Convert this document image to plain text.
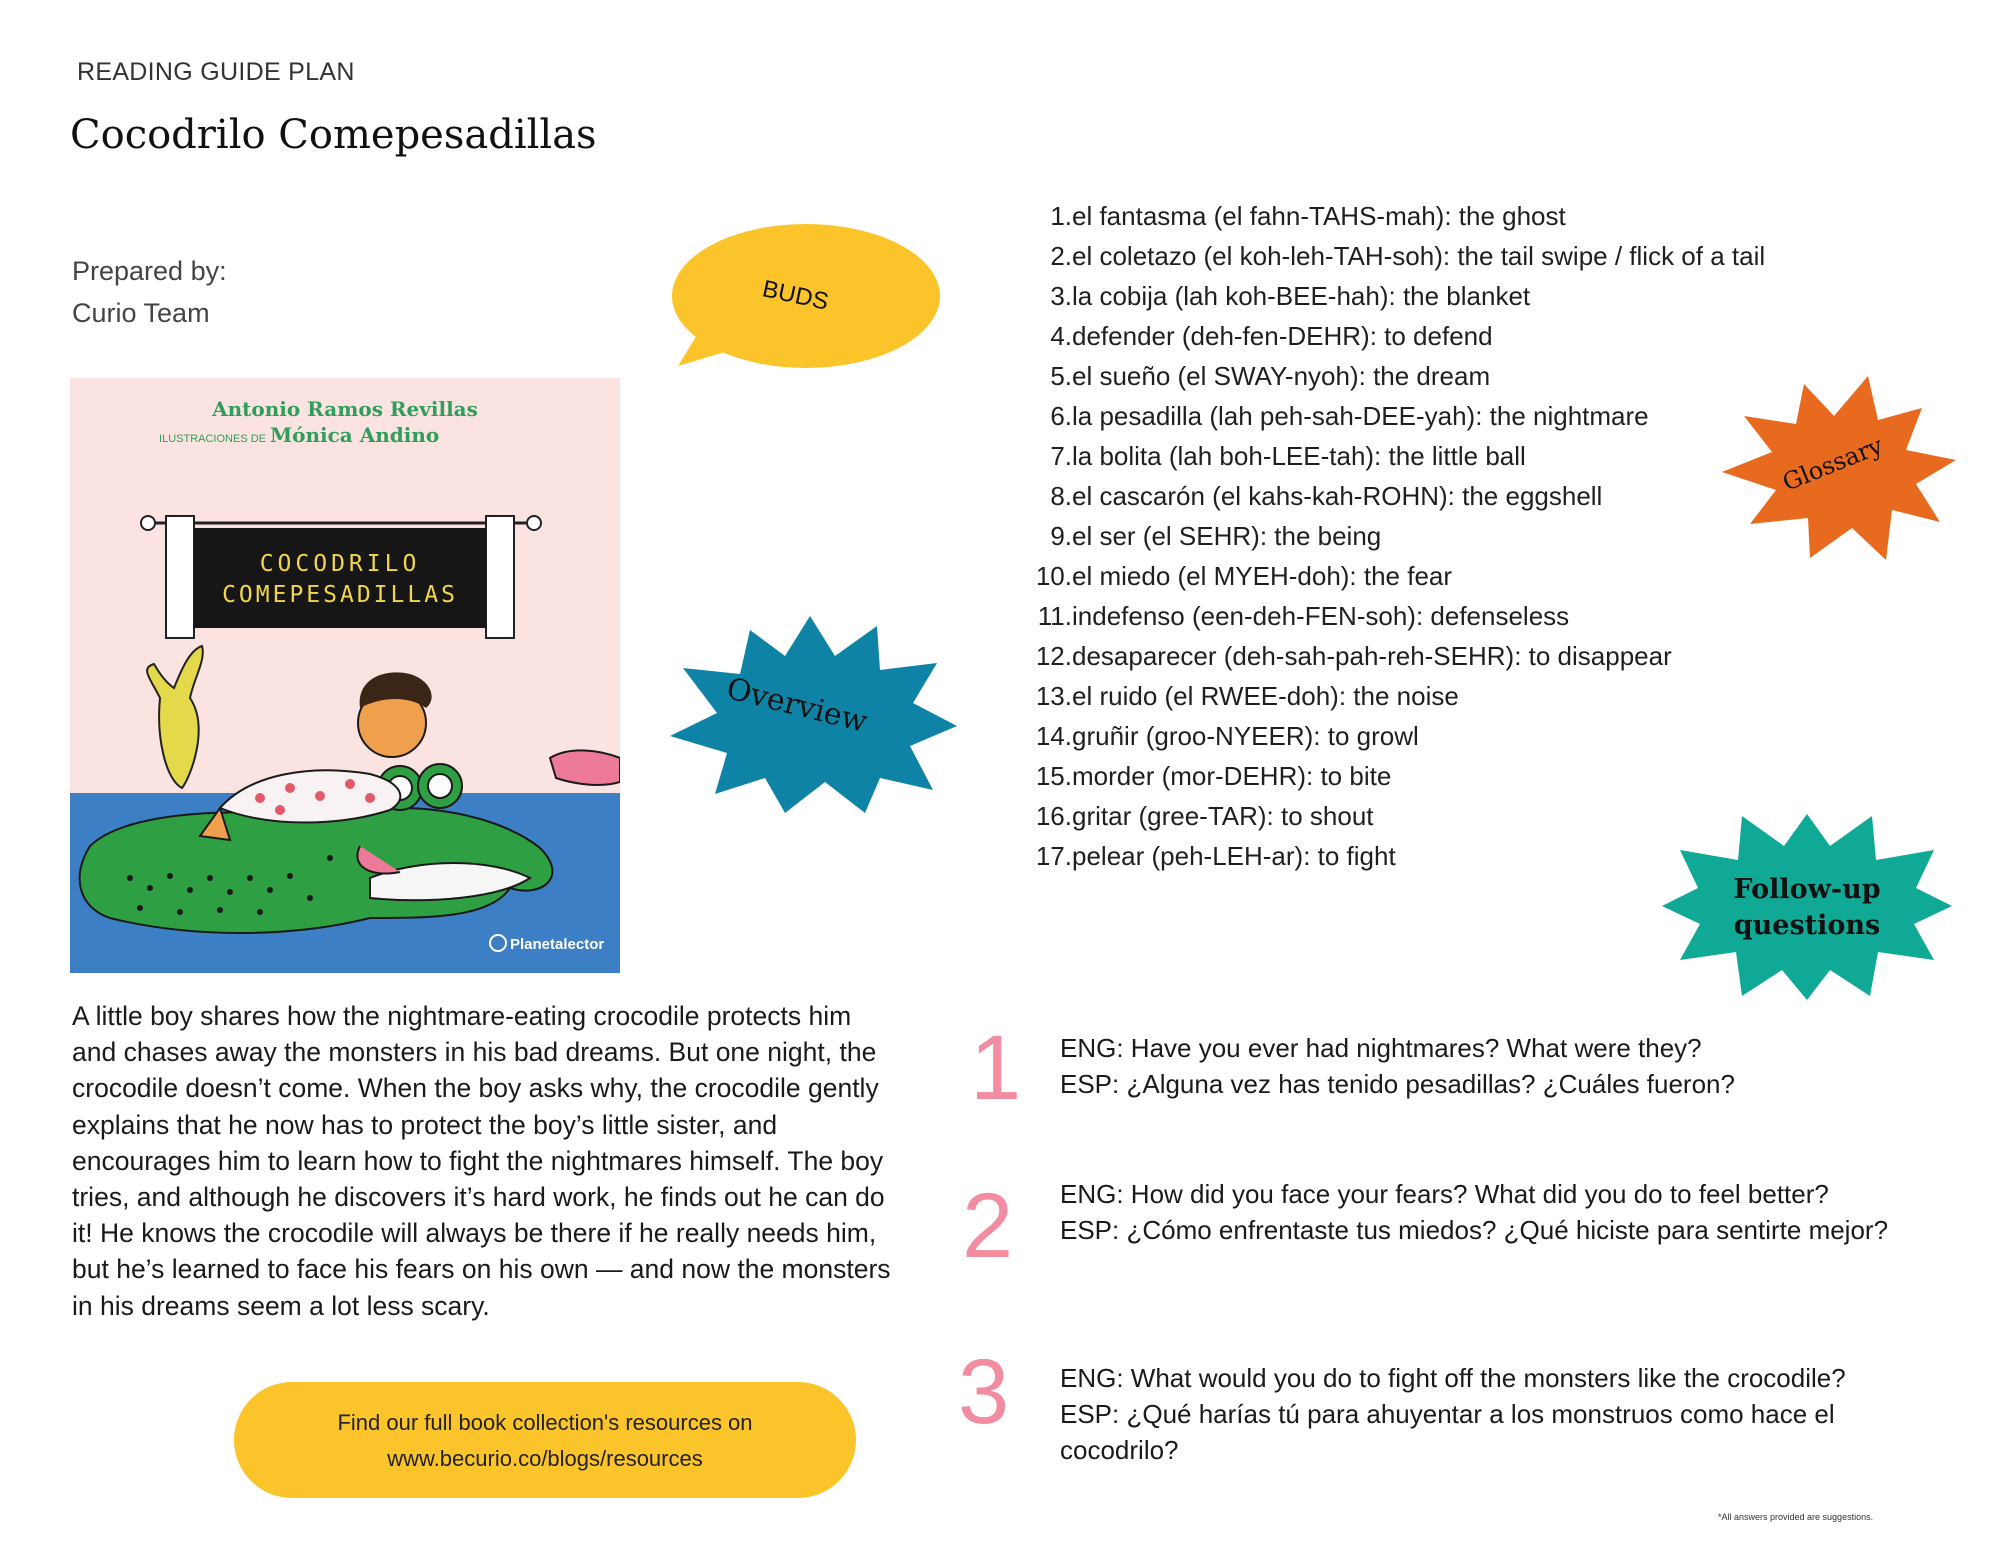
READING GUIDE PLAN
Cocodrilo Comepesadillas
Prepared by:
Curio Team	BUDS
Antonio Ramos Revillas
ILUSTRACIONES DE Mónica Andino
COCODRILO
COMEPESADILLAS
Planetalector
Overview
A little boy shares how the nightmare-eating crocodile protects him and chases away the monsters in his bad dreams. But one night, the crocodile doesn’t come. When the boy asks why, the crocodile gently explains that he now has to protect the boy’s little sister, and encourages him to learn how to fight the nightmares himself. The boy tries, and although he discovers it’s hard work, he finds out he can do it! He knows the crocodile will always be there if he really needs him, but he’s learned to face his fears on his own — and now the monsters in his dreams seem a lot less scary.
Find our full book collection's resources on
www.becurio.co/blogs/resources
1. el fantasma (el fahn-TAHS-mah): the ghost
2. el coletazo (el koh-leh-TAH-soh): the tail swipe / flick of a tail
3. la cobija (lah koh-BEE-hah): the blanket
4. defender (deh-fen-DEHR): to defend
5. el sueño (el SWAY-nyoh): the dream
6. la pesadilla (lah peh-sah-DEE-yah): the nightmare
7. la bolita (lah boh-LEE-tah): the little ball
8. el cascarón (el kahs-kah-ROHN): the eggshell
9. el ser (el SEHR): the being
10. el miedo (el MYEH-doh): the fear
11. indefenso (een-deh-FEN-soh): defenseless
12. desaparecer (deh-sah-pah-reh-SEHR): to disappear
13. el ruido (el RWEE-doh): the noise
14. gruñir (groo-NYEER): to growl
15. morder (mor-DEHR): to bite
16. gritar (gree-TAR): to shout
17. pelear (peh-LEH-ar): to fight
Glossary
Follow-up
questions
1 ENG: Have you ever had nightmares? What were they?
ESP: ¿Alguna vez has tenido pesadillas? ¿Cuáles fueron?
2 ENG: How did you face your fears? What did you do to feel better?
ESP: ¿Cómo enfrentaste tus miedos? ¿Qué hiciste para sentirte mejor?
3 ENG: What would you do to fight off the monsters like the crocodile?
ESP: ¿Qué harías tú para ahuyentar a los monstruos como hace el
cocodrilo?
*All answers provided are suggestions.
